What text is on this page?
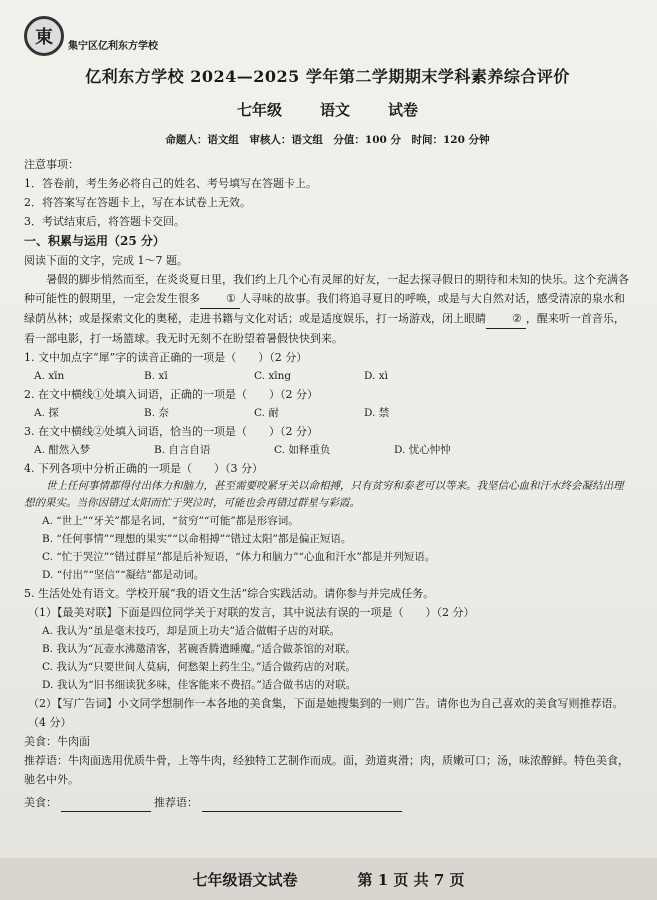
東	集宁区亿利东方学校
亿利东方学校 2024—2025 学年第二学期期末学科素养综合评价
七年级	语文	试卷
命题人：语文组　审核人：语文组　分值：100 分　时间：120 分钟

注意事项：

1．答卷前，考生务必将自己的姓名、考号填写在答题卡上。

2．将答案写在答题卡上，写在本试卷上无效。

3．考试结束后，将答题卡交回。

一、积累与运用（25 分）

阅读下面的文字，完成 1～7 题。

暑假的脚步悄然而至，在炎炎夏日里，我们约上几个心有灵犀的好友，一起去探寻假日的期待和未知的快乐。这个充满各种可能性的假期里，一定会发生很多 ① 人寻味的故事。我们将追寻夏日的呼唤，或是与大自然对话，感受清凉的泉水和绿荫丛林；或是探索文化的奥秘，走进书籍与文化对话；或是适度娱乐，打一场游戏，闭上眼睛 ② ，醒来听一首音乐，看一部电影，打一场篮球。我无时无刻不在盼望着暑假快快到来。

1. 文中加点字“犀”字的读音正确的一项是（　　）（2 分）
A. xīn	B. xī	C. xīng	D. xì
2. 在文中横线①处填入词语，正确的一项是（　　）（2 分）
A. 探	B. 奈	C. 耐	D. 禁
3. 在文中横线②处填入词语，恰当的一项是（　　）（2 分）
A. 酣然入梦	B. 自言自语	C. 如释重负	D. 忧心忡忡
4. 下列各项中分析正确的一项是（　　）（3 分）
世上任何事情都得付出体力和脑力，甚至需要咬紧牙关以命相搏，只有贫穷和泰老可以等来。我坚信心血和汗水终会凝结出理想的果实。当你因错过太阳而忙于哭泣时，可能也会再错过群星与彩霞。
A. “世上”“牙关”都是名词，“贫穷”“可能”都是形容词。
B. “任何事情”“理想的果实”“以命相搏”“错过太阳”都是偏正短语。
C. “忙于哭泣”“错过群星”都是后补短语，“体力和脑力”“心血和汗水”都是并列短语。
D. “付出”“坚信”“凝结”都是动词。
5. 生活处处有语文。学校开展“我的语文生活”综合实践活动。请你参与并完成任务。
（1）【最美对联】下面是四位同学关于对联的发言，其中说法有误的一项是（　　）（2 分）
A. 我认为“虽是毫末技巧，却是顶上功夫”适合做帽子店的对联。
B. 我认为“瓦壶水沸邀清客，茗碗香腾遣睡魔。”适合做茶馆的对联。
C. 我认为“只要世间人莫病，何愁架上药生尘。”适合做药店的对联。
D. 我认为“旧书细读犹多味，佳客能来不费招。”适合做书店的对联。
（2）【写广告词】小文同学想制作一本各地的美食集，下面是她搜集到的一则广告。请你也为自己喜欢的美食写则推荐语。（4 分）
美食：牛肉面
推荐语：牛肉面选用优质牛骨，上等牛肉，经独特工艺制作而成。面，劲道爽滑；肉，质嫩可口；汤，味浓醇鲜。特色美食，驰名中外。
美食：	推荐语：
七年级语文试卷	第 1 页 共 7 页
